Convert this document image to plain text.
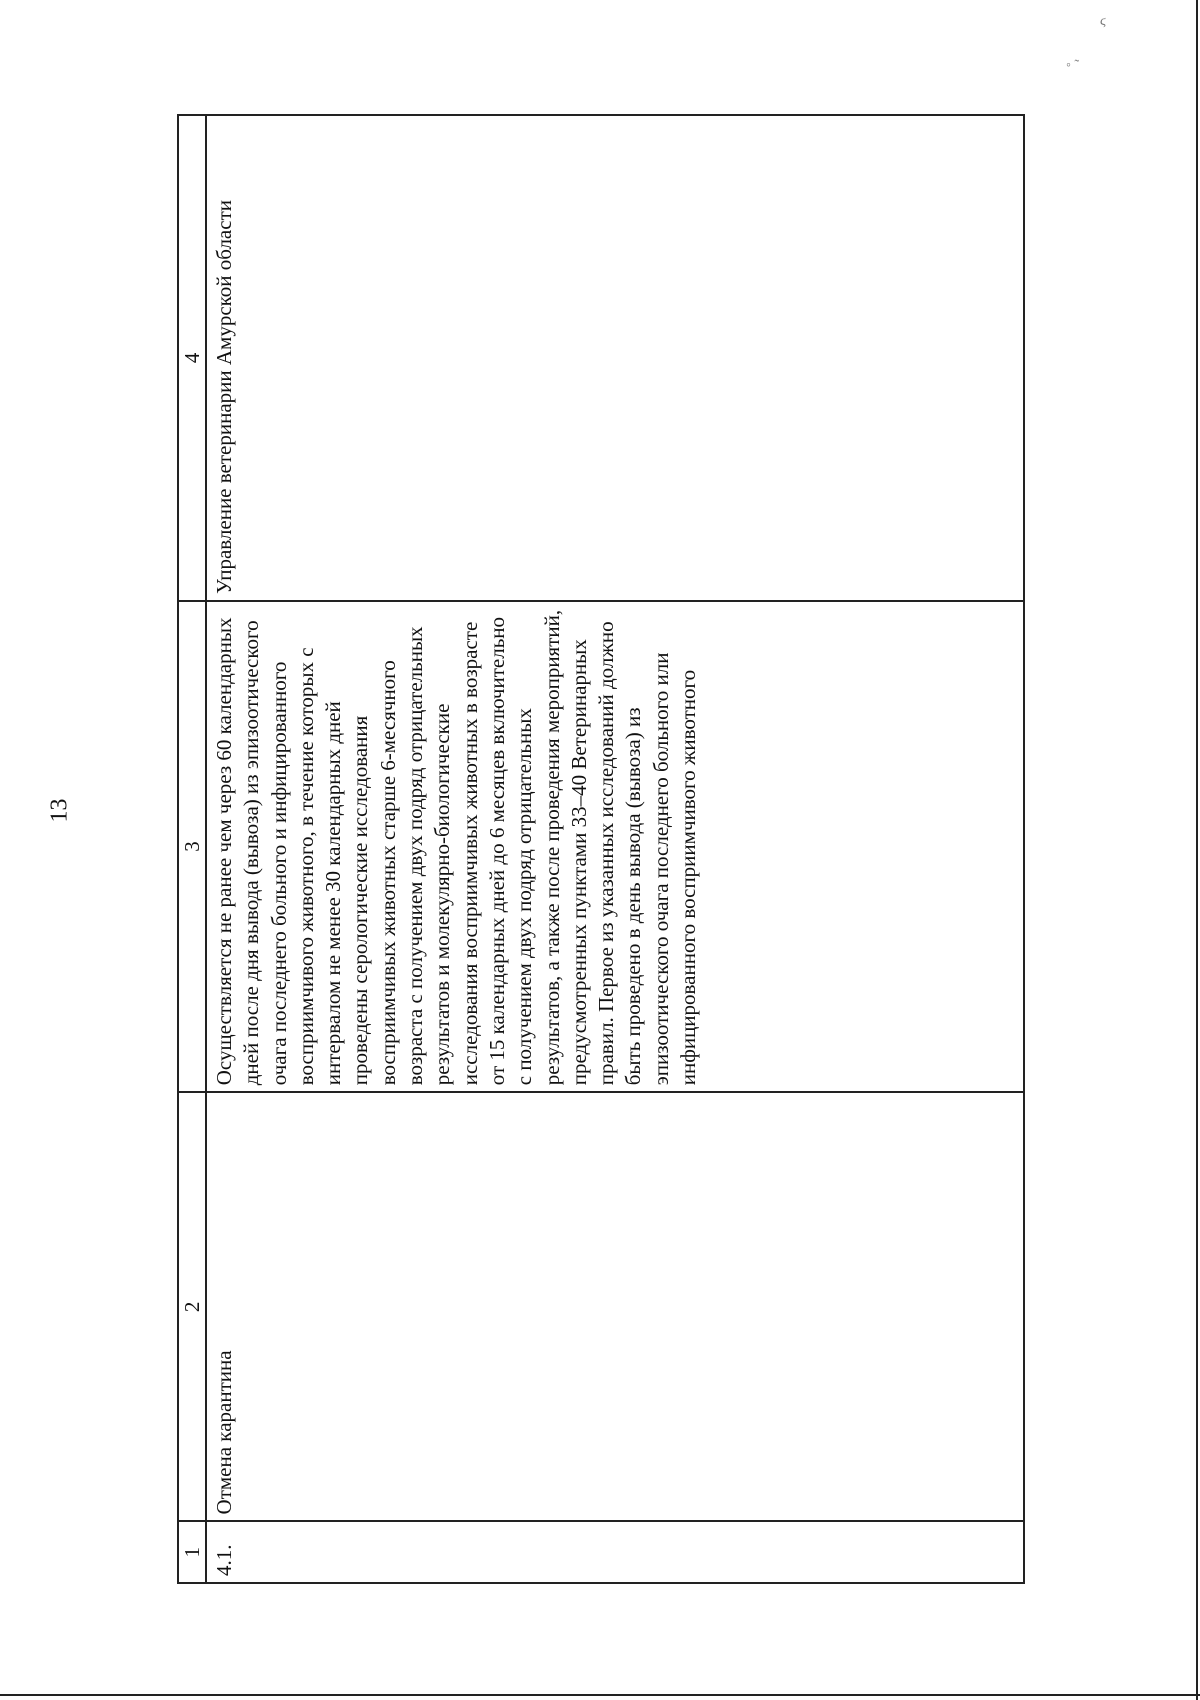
ϛ
◦ ˜
13
1	2	3	4

4.1.	Отмена карантина	Осуществляется не ранее чем через 60 календарных дней после дня вывода (вывоза) из эпизоотического очага последнего больного и инфицированного восприимчивого животного, в течение которых с интервалом не менее 30 календарных дней проведены серологические исследования восприимчивых животных старше 6-месячного возраста с получением двух подряд отрицательных результатов и молекулярно-биологические исследования восприимчивых животных в возрасте от 15 календарных дней до 6 месяцев включительно с получением двух подряд отрицательных результатов, а также после проведения мероприятий, предусмотренных пунктами 33–40 Ветеринарных правил. Первое из указанных исследований должно быть проведено в день вывода (вывоза) из эпизоотического очага последнего больного или инфицированного восприимчивого животного	Управление ветеринарии Амурской области
